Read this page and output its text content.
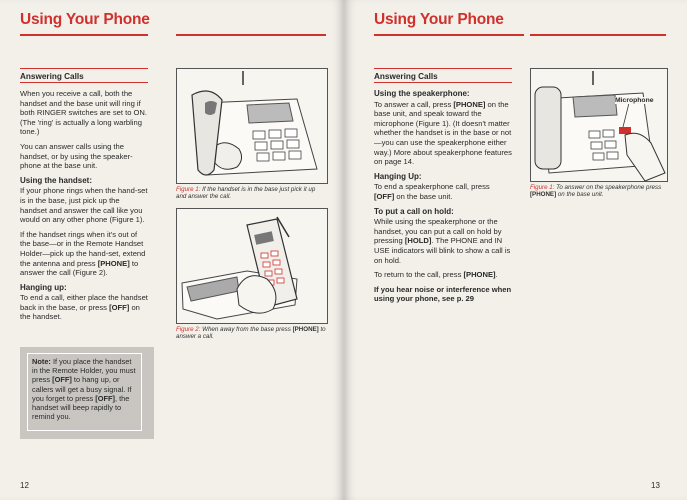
Using Your Phone
Answering Calls

When you receive a call, both the handset and the base unit will ring if both RINGER switches are set to ON. (The 'ring' is actually a long warbling tone.)

You can answer calls using the handset, or by using the speaker-phone at the base unit.

Using the handset:

If your phone rings when the hand-set is in the base, just pick up the handset and answer the call like you would on any other phone (Figure 1).

If the handset rings when it's out of the base—or in the Remote Handset Holder—pick up the hand-set, extend the antenna and press [PHONE] to answer the call (Figure 2).

Hanging up:

To end a call, either place the handset back in the base, or press [OFF] on the handset.

Note: If you place the handset in the Remote Holder, you must press [OFF] to hang up, or callers will get a busy signal. If you forget to press [OFF], the handset will beep rapidly to remind you.
Figure 1: If the handset is in the base just pick it up and answer the call.
Figure 2: When away from the base press [PHONE] to answer a call.
12
Using Your Phone
Answering Calls
Using the speakerphone:

To answer a call, press [PHONE] on the base unit, and speak toward the microphone (Figure 1). (It doesn't matter whether the handset is in the base or not—you can use the speakerphone either way.) More about speakerphone features on page 14.

Hanging Up:

To end a speakerphone call, press [OFF] on the base unit.

To put a call on hold:

While using the speakerphone or the handset, you can put a call on hold by pressing [HOLD]. The PHONE and IN USE indicators will blink to show a call is on hold.

To return to the call, press [PHONE].

If you hear noise or interference when using your phone, see p. 29

Microphone
Figure 1: To answer on the speakerphone press [PHONE] on the base unit.
13
